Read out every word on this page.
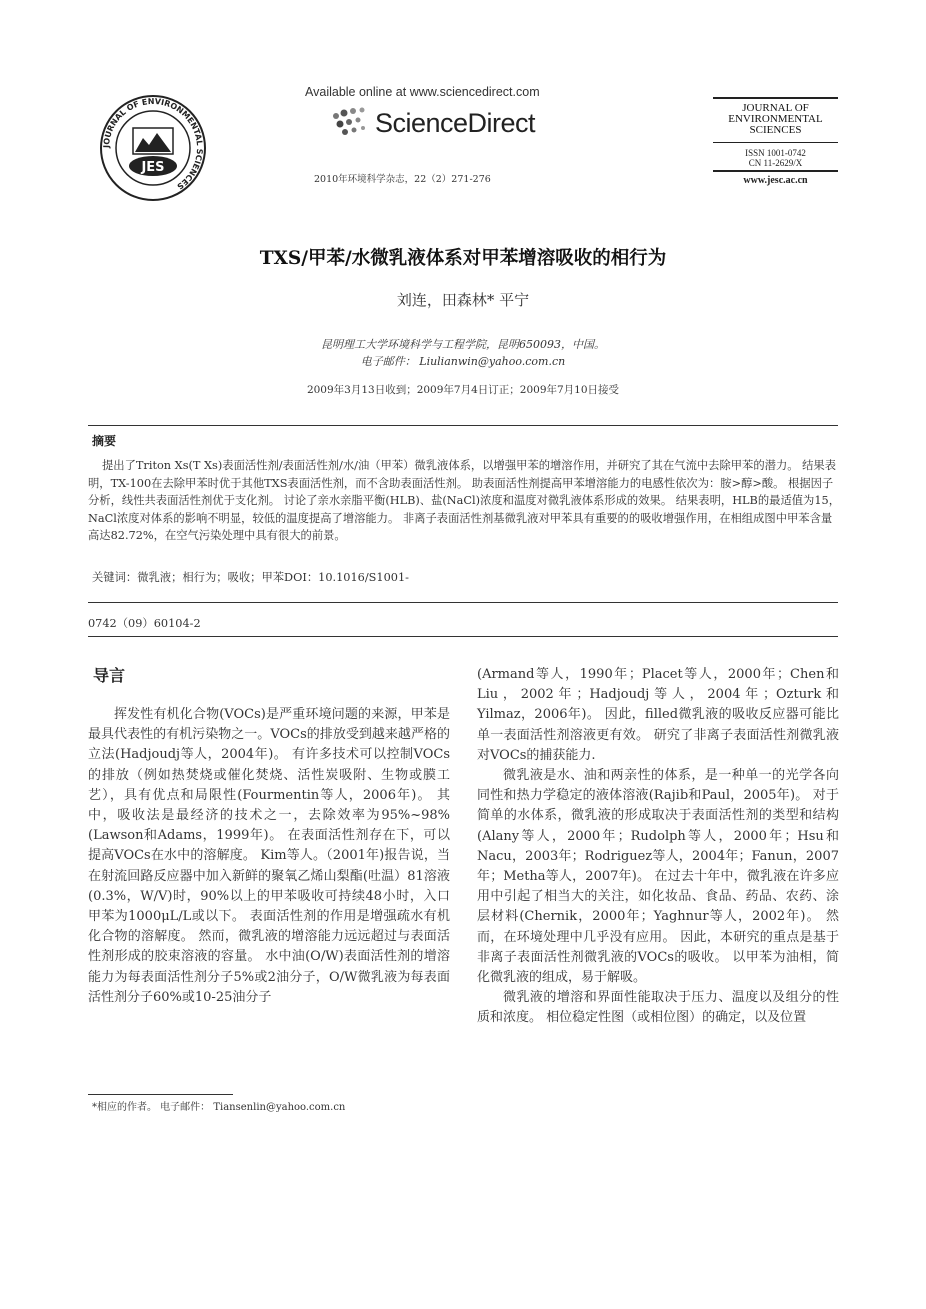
JOURNAL OF ENVIRONMENTAL SCIENCES
JES
Available online at www.sciencedirect.com
ScienceDirect
2010年环境科学杂志，22（2）271-276
JOURNAL OF
ENVIRONMENTAL
SCIENCES
ISSN 1001-0742
CN 11-2629/X
www.jesc.ac.cn
TXS/甲苯/水微乳液体系对甲苯增溶吸收的相行为
刘连，田森林* 平宁
昆明理工大学环境科学与工程学院，昆明650093，中国。
电子邮件： Liulianwin@yahoo.com.cn
2009年3月13日收到；2009年7月4日订正；2009年7月10日接受
摘要
提出了Triton Xs(T Xs)表面活性剂/表面活性剂/水/油（甲苯）微乳液体系，以增强甲苯的增溶作用，并研究了其在气流中去除甲苯的潜力。 结果表明，TX-100在去除甲苯时优于其他TXS表面活性剂，而不含助表面活性剂。 助表面活性剂提高甲苯增溶能力的电感性依次为：胺>醇>酸。 根据因子分析，线性共表面活性剂优于支化剂。 讨论了亲水亲脂平衡(HLB)、盐(NaCl)浓度和温度对微乳液体系形成的效果。 结果表明，HLB的最适值为15，NaCl浓度对体系的影响不明显，较低的温度提高了增溶能力。 非离子表面活性剂基微乳液对甲苯具有重要的的吸收增强作用，在相组成图中甲苯含量高达82.72%，在空气污染处理中具有很大的前景。
关键词：微乳液；相行为；吸收；甲苯DOI：10.1016/S1001-
0742（09）60104-2
导言

挥发性有机化合物(VOCs)是严重环境问题的来源，甲苯是最具代表性的有机污染物之一。VOCs的排放受到越来越严格的立法(Hadjoudj等人，2004年)。 有许多技术可以控制VOCs的排放（例如热焚烧或催化焚烧、活性炭吸附、生物或膜工艺），具有优点和局限性(Fourmentin等人，2006年)。 其中，吸收法是最经济的技术之一，去除效率为95%~98%(Lawson和Adams，1999年)。 在表面活性剂存在下，可以提高VOCs在水中的溶解度。 Kim等人。（2001年)报告说，当在射流回路反应器中加入新鲜的聚氧乙烯山梨酯(吐温）81溶液(0.3%，W/V)时，90%以上的甲苯吸收可持续48小时，入口甲苯为1000μL/L或以下。 表面活性剂的作用是增强疏水有机化合物的溶解度。 然而，微乳液的增溶能力远远超过与表面活性剂形成的胶束溶液的容量。 水中油(O/W)表面活性剂的增溶能力为每表面活性剂分子5%或2油分子，O/W微乳液为每表面活性剂分子60%或10-25油分子

(Armand等人，1990年；Placet等人，2000年；Chen和Liu，2002年；Hadjoudj等人，2004年；Ozturk和Yilmaz，2006年)。 因此，filled微乳液的吸收反应器可能比单一表面活性剂溶液更有效。 研究了非离子表面活性剂微乳液对VOCs的捕获能力.

微乳液是水、油和两亲性的体系，是一种单一的光学各向同性和热力学稳定的液体溶液(Rajib和Paul，2005年)。 对于简单的水体系，微乳液的形成取决于表面活性剂的类型和结构(Alany等人，2000年；Rudolph等人，2000年；Hsu和Nacu，2003年；Rodriguez等人，2004年；Fanun，2007年；Metha等人，2007年)。 在过去十年中，微乳液在许多应用中引起了相当大的关注，如化妆品、食品、药品、农药、涂层材料(Chernik，2000年；Yaghnur等人，2002年)。 然而，在环境处理中几乎没有应用。 因此，本研究的重点是基于非离子表面活性剂微乳液的VOCs的吸收。 以甲苯为油相，简化微乳液的组成，易于解吸。

微乳液的增溶和界面性能取决于压力、温度以及组分的性质和浓度。 相位稳定性图（或相位图）的确定，以及位置

*相应的作者。 电子邮件： Tiansenlin@yahoo.com.cn
